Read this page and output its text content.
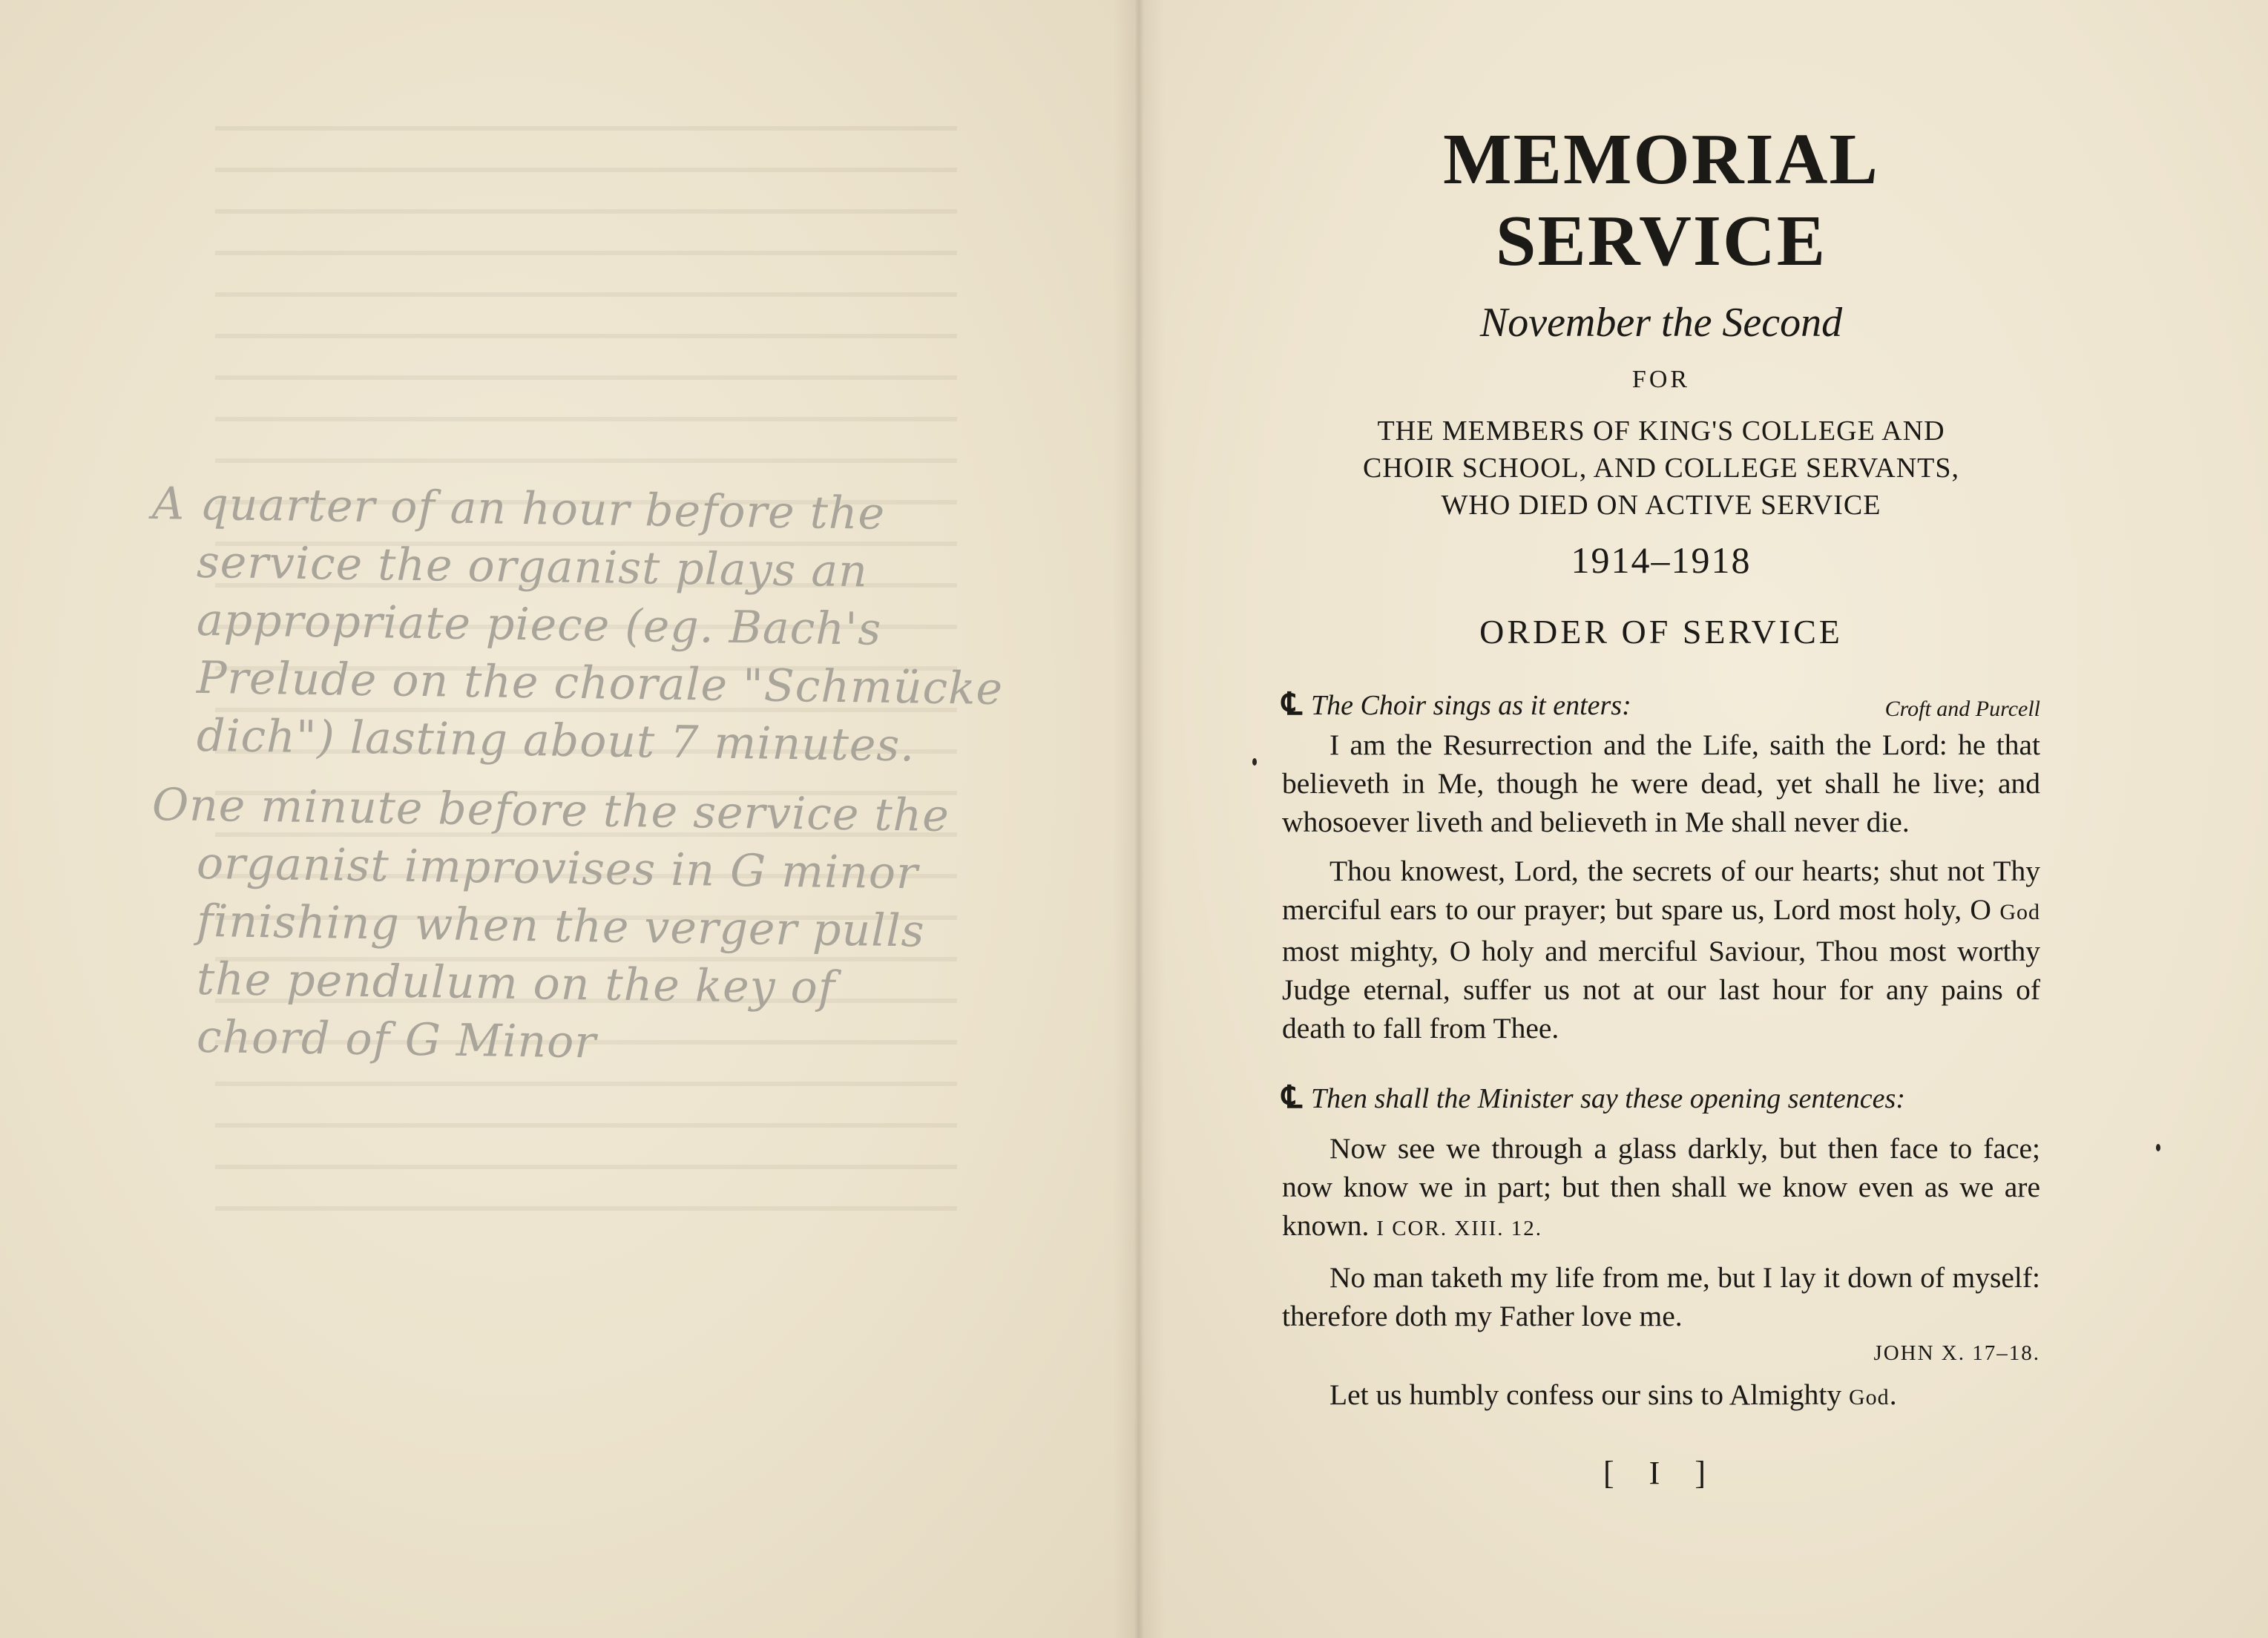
A quarter of an hour before the
service the organist plays an
appropriate piece (eg. Bach's
Prelude on the chorale "Schmücke
dich") lasting about 7 minutes.
One minute before the service the
organist improvises in G minor
finishing when the verger pulls
the pendulum on the key of
chord of G Minor
MEMORIAL SERVICE
November the Second
FOR
THE MEMBERS OF KING'S COLLEGE AND
CHOIR SCHOOL, AND COLLEGE SERVANTS,
WHO DIED ON ACTIVE SERVICE
1914–1918
ORDER OF SERVICE
℄ The Choir sings as it enters:	Croft and Purcell

I am the Resurrection and the Life, saith the Lord: he that believeth in Me, though he were dead, yet shall he live; and whosoever liveth and believeth in Me shall never die.

Thou knowest, Lord, the secrets of our hearts; shut not Thy merciful ears to our prayer; but spare us, Lord most holy, O God most mighty, O holy and merciful Saviour, Thou most worthy Judge eternal, suffer us not at our last hour for any pains of death to fall from Thee.

℄ Then shall the Minister say these opening sentences:

Now see we through a glass darkly, but then face to face; now know we in part; but then shall we know even as we are known. I COR. XIII. 12.

No man taketh my life from me, but I lay it down of myself: therefore doth my Father love me.

JOHN X. 17–18.
Let us humbly confess our sins to Almighty God.
[ I ]
